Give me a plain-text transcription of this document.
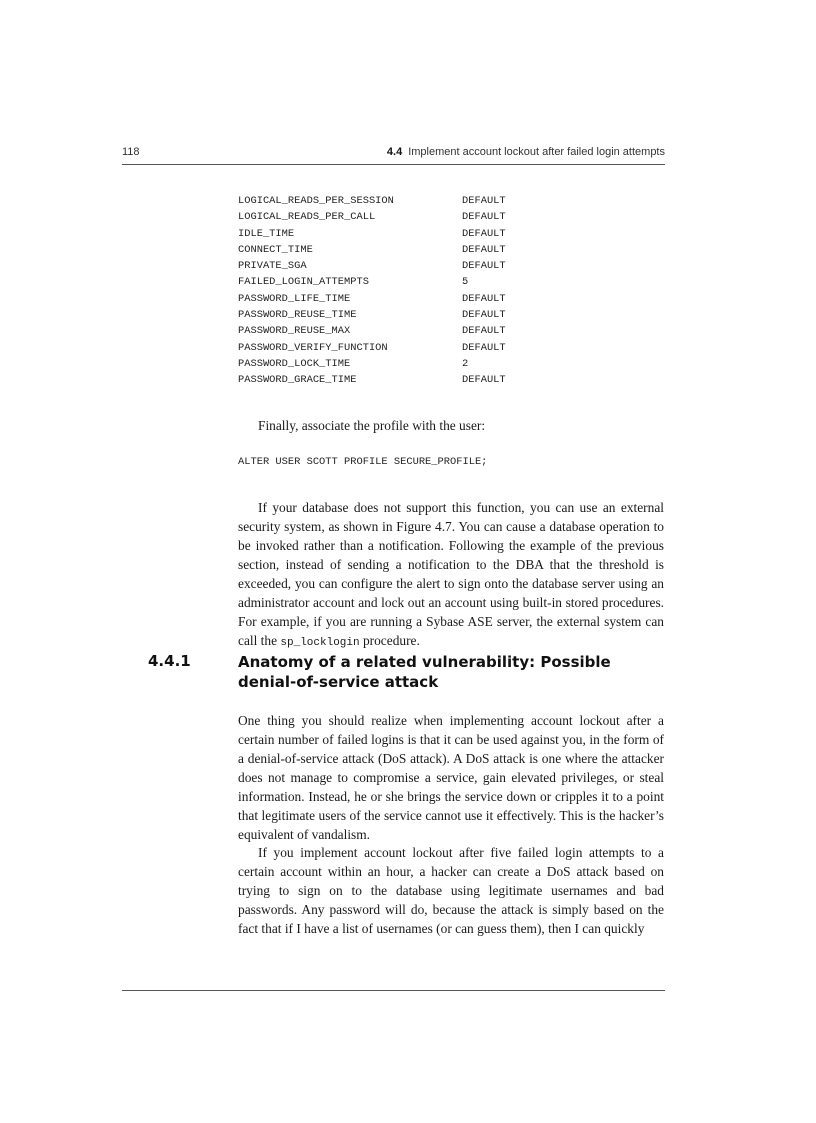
118	4.4 Implement account lockout after failed login attempts
LOGICAL_READS_PER_SESSION	DEFAULT
LOGICAL_READS_PER_CALL	DEFAULT
IDLE_TIME	DEFAULT
CONNECT_TIME	DEFAULT
PRIVATE_SGA	DEFAULT
FAILED_LOGIN_ATTEMPTS	5
PASSWORD_LIFE_TIME	DEFAULT
PASSWORD_REUSE_TIME	DEFAULT
PASSWORD_REUSE_MAX	DEFAULT
PASSWORD_VERIFY_FUNCTION	DEFAULT
PASSWORD_LOCK_TIME	2
PASSWORD_GRACE_TIME	DEFAULT

Finally, associate the profile with the user:

ALTER USER SCOTT PROFILE SECURE_PROFILE;

If your database does not support this function, you can use an external security system, as shown in Figure 4.7. You can cause a database operation to be invoked rather than a notification. Following the example of the previous section, instead of sending a notification to the DBA that the threshold is exceeded, you can configure the alert to sign onto the database server using an administrator account and lock out an account using built-in stored procedures. For example, if you are running a Sybase ASE server, the external system can call the sp_locklogin procedure.

4.4.1	Anatomy of a related vulnerability: Possible denial-of-service attack

One thing you should realize when implementing account lockout after a certain number of failed logins is that it can be used against you, in the form of a denial-of-service attack (DoS attack). A DoS attack is one where the attacker does not manage to compromise a service, gain elevated privileges, or steal information. Instead, he or she brings the service down or cripples it to a point that legitimate users of the service cannot use it effectively. This is the hacker’s equivalent of vandalism.

If you implement account lockout after five failed login attempts to a certain account within an hour, a hacker can create a DoS attack based on trying to sign on to the database using legitimate usernames and bad passwords. Any password will do, because the attack is simply based on the fact that if I have a list of usernames (or can guess them), then I can quickly
